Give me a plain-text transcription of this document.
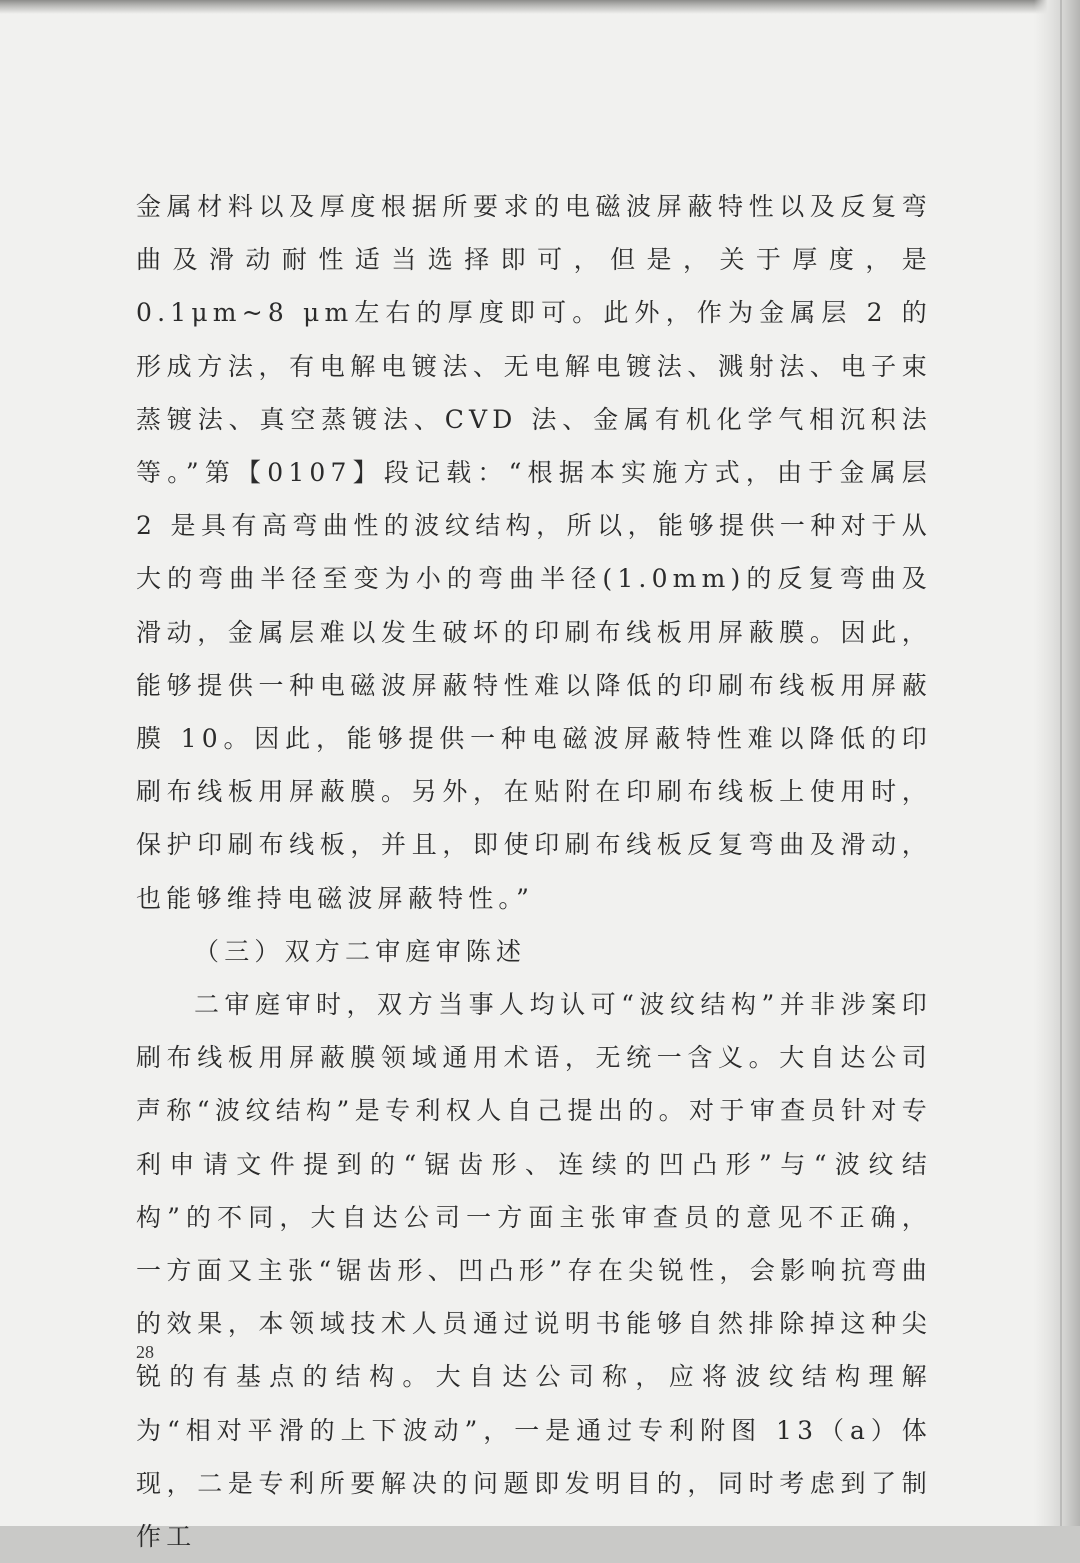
金属材料以及厚度根据所要求的电磁波屏蔽特性以及反复弯曲及滑动耐性适当选择即可，但是，关于厚度，是 0.1μm~8 μm左右的厚度即可。此外，作为金属层 2 的形成方法，有电解电镀法、无电解电镀法、溅射法、电子束蒸镀法、真空蒸镀法、CVD 法、金属有机化学气相沉积法等。”第【0107】段记载：“根据本实施方式，由于金属层 2 是具有高弯曲性的波纹结构，所以，能够提供一种对于从大的弯曲半径至变为小的弯曲半径(1.0mm)的反复弯曲及滑动，金属层难以发生破坏的印刷布线板用屏蔽膜。因此，能够提供一种电磁波屏蔽特性难以降低的印刷布线板用屏蔽膜 10。因此，能够提供一种电磁波屏蔽特性难以降低的印刷布线板用屏蔽膜。另外，在贴附在印刷布线板上使用时，保护印刷布线板，并且，即使印刷布线板反复弯曲及滑动，也能够维持电磁波屏蔽特性。”

（三）双方二审庭审陈述

二审庭审时，双方当事人均认可“波纹结构”并非涉案印刷布线板用屏蔽膜领域通用术语，无统一含义。大自达公司声称“波纹结构”是专利权人自己提出的。对于审查员针对专利申请文件提到的“锯齿形、连续的凹凸形”与“波纹结构”的不同，大自达公司一方面主张审查员的意见不正确，一方面又主张“锯齿形、凹凸形”存在尖锐性，会影响抗弯曲的效果，本领域技术人员通过说明书能够自然排除掉这种尖锐的有基点的结构。大自达公司称，应将波纹结构理解为“相对平滑的上下波动”，一是通过专利附图 13（a）体现，二是专利所要解决的问题即发明目的，同时考虑到了制作工

28
